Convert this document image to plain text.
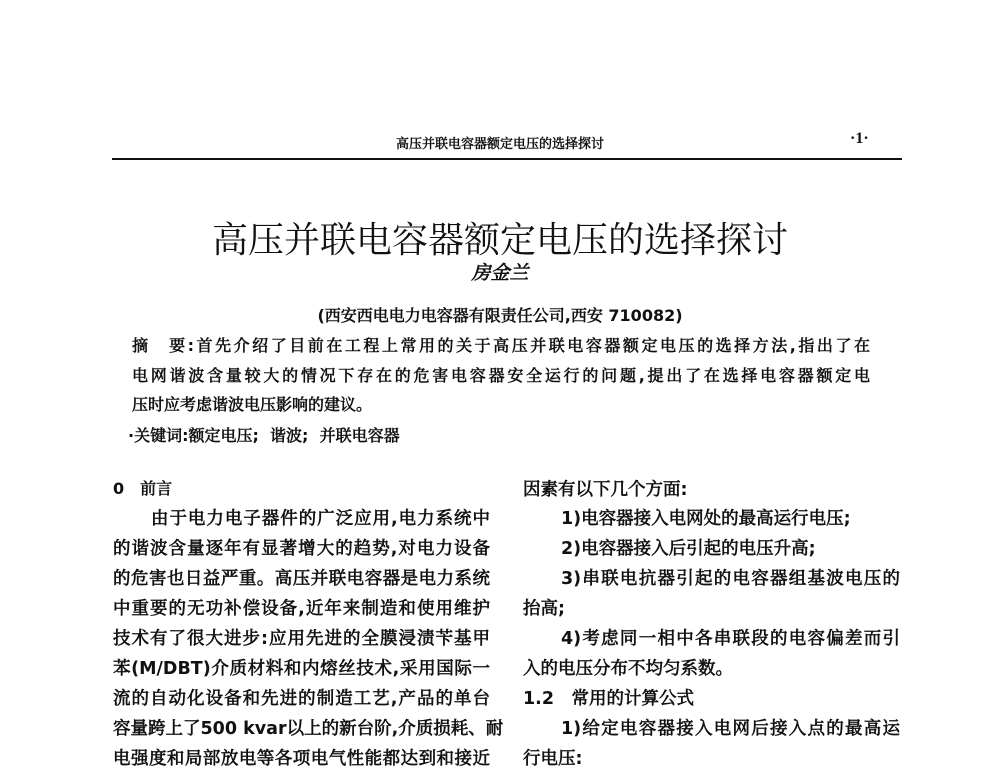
高压并联电容器额定电压的选择探讨	·1·
高压并联电容器额定电压的选择探讨
房金兰
(西安西电电力电容器有限责任公司,西安 710082)
摘　要:首先介绍了目前在工程上常用的关于高压并联电容器额定电压的选择方法,指出了在
电网谐波含量较大的情况下存在的危害电容器安全运行的问题,提出了在选择电容器额定电
压时应考虑谐波电压影响的建议。
·关键词:额定电压; 谐波; 并联电容器
0　前言
由于电力电子器件的广泛应用,电力系统中
的谐波含量逐年有显著增大的趋势,对电力设备
的危害也日益严重。高压并联电容器是电力系统
中重要的无功补偿设备,近年来制造和使用维护
技术有了很大进步:应用先进的全膜浸渍苄基甲
苯(M/DBT)介质材料和内熔丝技术,采用国际一
流的自动化设备和先进的制造工艺,产品的单台
容量跨上了500 kvar以上的新台阶,介质损耗、耐
电强度和局部放电等各项电气性能都达到和接近
因素有以下几个方面:
1)电容器接入电网处的最高运行电压;
2)电容器接入后引起的电压升高;
3)串联电抗器引起的电容器组基波电压的
抬高;
4)考虑同一相中各串联段的电容偏差而引
入的电压分布不均匀系数。
1.2　常用的计算公式
1)给定电容器接入电网后接入点的最高运
行电压:
